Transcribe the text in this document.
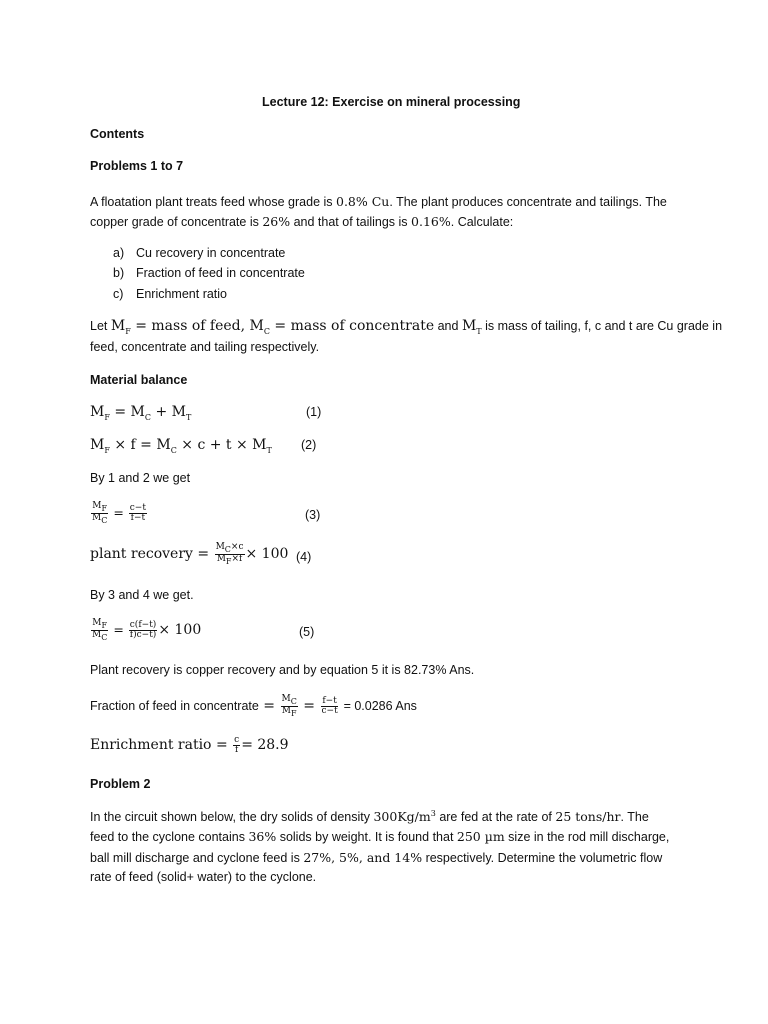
Lecture 12: Exercise on mineral processing
Contents
Problems 1 to 7
A floatation plant treats feed whose grade is 0.8% Cu. The plant produces concentrate and tailings. The copper grade of concentrate is 26% and that of tailings is 0.16%. Calculate:
a) Cu recovery in concentrate
b) Fraction of feed in concentrate
c) Enrichment ratio
Let $M_F$ = mass of feed, $M_C$ = mass of concentrate and $M_T$ is mass of tailing, f, c and t are Cu grade in
feed, concentrate and tailing respectively.
Material balance
$M_F = M_C + M_T$	(1)
$M_F \times f = M_C \times c + t \times M_T$ (2)
By 1 and 2 we get
$\frac{M_F}{M_C} = \frac{c-t}{f-t}$	(3)
plant recovery = $\frac{M_C\times c}{M_F\times f} \times 100$ (4)
By 3 and 4 we get.
$\frac{M_F}{M_C} = \frac{c(f-t)}{f)c-t)} \times 100$	(5)
Plant recovery is copper recovery and by equation 5 it is 82.73% Ans.
Fraction of feed in concentrate = $\frac{M_C}{M_F} = \frac{f-t}{c-t} = 0.0286$ Ans
Enrichment ratio = $\frac{c}{f} = 28.9$
Problem 2
In the circuit shown below, the dry solids of density $300Kg/m^3$ are fed at the rate of 25 tons/hr. The
feed to the cyclone contains 36% solids by weight. It is found that 250 µm size in the rod mill discharge,
ball mill discharge and cyclone feed is 27%, 5%, and 14% respectively. Determine the volumetric flow
rate of feed (solid+ water) to the cyclone.
